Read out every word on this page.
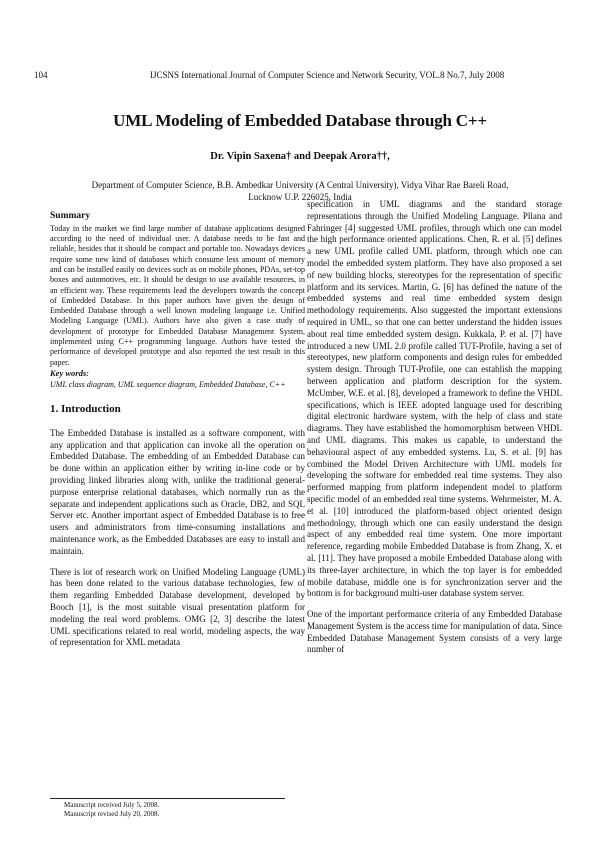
104	IJCSNS International Journal of Computer Science and Network Security, VOL.8 No.7, July 2008
UML Modeling of Embedded Database through C++
Dr. Vipin Saxena† and Deepak Arora††,
Department of Computer Science, B.B. Ambedkar University (A Central University), Vidya Vihar Rae Bareli Road,
Lucknow U.P. 226025, India

Summary

Today in the market we find large number of database applications designed according to the need of individual user. A database needs to be fast and reliable, besides that it should be compact and portable too. Nowadays devices require some new kind of databases which consume less amount of memory and can be installed easily on devices such as on mobile phones, PDAs, set-top boxes and automotives, etc. It should be design to use available resources, in an efficient way. These requirements lead the developers towards the concept of Embedded Database. In this paper authors have given the design of Embedded Database through a well known modeling language i.e. Unified Modeling Language (UML). Authors have also given a case study of development of prototype for Embedded Database Management System, implemented using C++ programming language. Authors have tested the performance of developed prototype and also reported the test result in this paper.

Key words:

UML class diagram, UML sequence diagram, Embedded Database, C++

1. Introduction

The Embedded Database is installed as a software component, with any application and that application can invoke all the operation on Embedded Database. The embedding of an Embedded Database can be done within an application either by writing in-line code or by providing linked libraries along with, unlike the traditional general-purpose enterprise relational databases, which normally run as the separate and independent applications such as Oracle, DB2, and SQL Server etc. Another important aspect of Embedded Database is to free users and administrators from time-consuming installations and maintenance work, as the Embedded Databases are easy to install and maintain.

There is lot of research work on Unified Modeling Language (UML) has been done related to the various database technologies, few of them regarding Embedded Database development, developed by Booch [1], is the most suitable visual presentation platform for modeling the real word problems. OMG [2, 3] describe the latest UML specifications related to real world, modeling aspects, the way of representation for XML metadata

specification in UML diagrams and the standard storage representations through the Unified Modeling Language. Pllana and Fahringer [4] suggested UML profiles, through which one can model the high performance oriented applications. Chen, R. et al. [5] defines a new UML profile called UML platform, through which one can model the embedded system platform. They have also proposed a set of new building blocks, stereotypes for the representation of specific platform and its services. Martin, G. [6] has defined the nature of the embedded systems and real time embedded system design methodology requirements. Also suggested the important extensions required in UML, so that one can better understand the hidden issues about real time embedded system design. Kukkala, P. et al. [7] have introduced a new UML 2.0 profile called TUT-Profile, having a set of stereotypes, new platform components and design rules for embedded system design. Through TUT-Profile, one can establish the mapping between application and platform description for the system. McUmber, W.E. et al. [8], developed a framework to define the VHDL specifications, which is IEEE adopted language used for describing digital electronic hardware system, with the help of class and state diagrams. They have established the homomorphism between VHDL and UML diagrams. This makes us capable, to understand the behavioural aspect of any embedded systems. Lu, S. et al. [9] has combined the Model Driven Architecture with UML models for developing the software for embedded real time systems. They also performed mapping from platform independent model to platform specific model of an embedded real time systems. Wehrmeister, M. A. et al. [10] introduced the platform-based object oriented design methodology, through which one can easily understand the design aspect of any embedded real time system. One more important reference, regarding mobile Embedded Database is from Zhang, X. et al. [11]. They have proposed a mobile Embedded Database along with its three-layer architecture, in which the top layer is for embedded mobile database, middle one is for synchronization server and the bottom is for background multi-user database system server.

One of the important performance criteria of any Embedded Database Management System is the access time for manipulation of data. Since Embedded Database Management System consists of a very large number of

Manuscript received July 5, 2008.
Manuscript revised July 20, 2008.
